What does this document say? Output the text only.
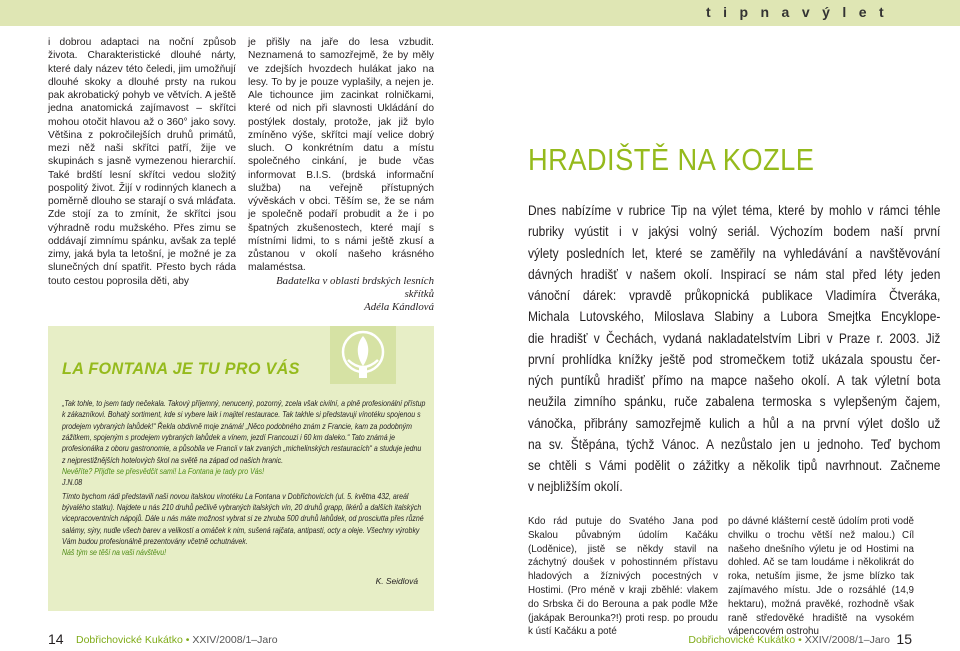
t i p n a v ý l e t

i dobrou adaptaci na noční způsob života. Charakteristické dlouhé nárty, které daly název této čeledi, jim umožňují dlouhé skoky a dlouhé prsty na rukou pak akrobatický pohyb ve větvích. A ještě jedna anatomická zajímavost – skřítci mohou otočit hlavou až o 360° jako sovy. Většina z pokročilejších druhů primátů, mezi něž naši skřítci patří, žije ve skupinách s jasně vymezenou hierarchií. Také brdští lesní skřítci vedou složitý pospolitý život. Žijí v rodinných klanech a poměrně dlouho se starají o svá mláďata. Zde stojí za to zmínit, že skřítci jsou výhradně rodu mužského. Přes zimu se oddávají zimnímu spánku, avšak za teplé zimy, jaká byla ta letošní, je možné je za slunečných dní spatřit. Přesto bych ráda touto cestou poprosila děti, aby

je přišly na jaře do lesa vzbudit. Neznamená to samozřejmě, že by měly ve zdejších hvozdech hulákat jako na lesy. To by je pouze vyplašily, a nejen je. Ale tichounce jim zacinkat rolničkami, které od nich při slavnosti Ukládání do postýlek dostaly, protože, jak již bylo zmíněno výše, skřítci mají velice dobrý sluch. O konkrétním datu a místu společného cinkání, je bude včas informovat B.I.S. (brdská informační služba) na veřejně přístupných vývěskách v obci. Těším se, že se nám je společně podaří probudit a že i po špatných zkušenostech, které mají s místními lidmi, to s námi ještě zkusí a zůstanou v okolí našeho krásného malaméstsa.

Badatelka v oblasti brdských lesních skřítků
Adéla Kándlová
LA FONTANA JE TU PRO VÁS
„Tak tohle, to jsem tady nečekala. Takový příjemný, nenucený, pozorný, zcela však civilní, a plně profesionální přístup k zákazníkovi. Bohatý sortiment, kde si vybere laik i majitel restaurace. Tak takhle si představuji vínotéku spojenou s prodejem vybraných lahůdek!“ Řekla obdivně moje známá! „Něco podobného znám z Francie, kam za podobným zážitkem, spojeným s prodejem vybraných lahůdek a vínem, jezdí Francouzi i 60 km daleko.“ Tato známá je profesionálka z oboru gastronomie, a působila ve Francii v tak zvaných „michelinských restauracích“ a studuje jednu z nejprestižnějších hotelových škol na světě na západ od našich hranic.
Nevěříte? Přijďte se přesvědčit sami! La Fontana je tady pro Vás!
J.N.08
Tímto bychom rádi představili naši novou italskou vínotéku La Fontana v Dobřichovicích (ul. 5. května 432, areál bývalého statku). Najdete u nás 210 druhů pečlivě vybraných italských vín, 20 druhů grapp, likérů a dalších italských vicepracoventních nápojů. Dále u nás máte možnost vybrat si ze zhruba 500 druhů lahůdek, od prosciutta přes různé salámy, sýry, nudle všech barev a velikostí a omáček k nim, sušená rajčata, antipasti, octy a oleje. Všechny výrobky Vám budou profesionálně prezentovány včetně ochutnávek.
Náš tým se těší na vaši návštěvu!
K. Seidlová
14 Dobřichovické Kukátko • XXIV/2008/1–Jaro
HRADIŠTĚ NA KOZLE
Dnes nabízíme v rubrice Tip na výlet téma, které by mohlo v rámci téhle
rubriky vyústit i v jakýsi volný seriál. Výchozím bodem naší první
výlety posledních let, které se zaměřily na vyhledávání a navštěvování
dávných hradišť v našem okolí. Inspirací se nám stal před léty jeden
vánoční dárek: vpravdě průkopnická publikace Vladimíra Čtveráka,
Michala Lutovského, Miloslava Slabiny a Lubora Smejtka Encyklope-
die hradišť v Čechách, vydaná nakladatelstvím Libri v Praze r. 2003. Již
první prohlídka knížky ještě pod stromečkem totiž ukázala spoustu čer-
ných puntíků hradišť přímo na mapce našeho okolí. A tak výletní bota
neužila zimního spánku, ruče zabalena termoska s vylepšeným čajem,
vánočka, přibrány samozřejmě kulich a hůl a na první výlet došlo už
na sv. Štěpána, týchž Vánoc. A nezůstalo jen u jednoho. Teď bychom
se chtěli s Vámi podělit o zážitky a několik tipů navrhnout. Začneme
v nejbližším okolí.

Kdo rád putuje do Svatého Jana pod Skalou půvabným údolím Kačáku (Loděnice), jistě se někdy stavil na záchytný doušek v pohostinném přístavu hladových a žíznivých pocestných v Hostimi. (Pro méně v kraji zběhlé: vlakem do Srbska či do Berouna a pak podle Mže (jakápak Berounka?!) proti resp. po proudu k ústí Kačáku a poté

po dávné klášterní cestě údolím proti vodě chvilku o trochu větší než malou.) Cíl našeho dnešního výletu je od Hostimi na dohled. Ač se tam loudáme i několikrát do roka, netuším jisme, že jsme blízko tak zajímavého místu. Jde o rozsáhlé (14,9 hektaru), možná pravěké, rozhodně však raně středověké hradiště na vysokém vápencovém ostrohu

Dobřichovické Kukátko • XXIV/2008/1–Jaro 15
